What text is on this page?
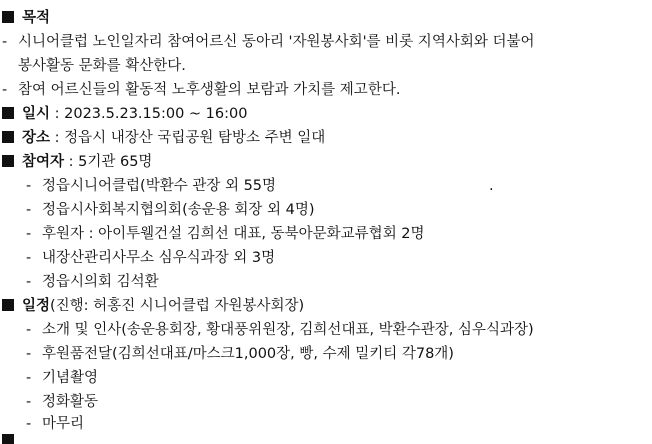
목적
- 시니어클럽 노인일자리 참여어르신 동아리 '자원봉사회'를 비롯 지역사회와 더불어
봉사활동 문화를 확산한다.
- 참여 어르신들의 활동적 노후생활의 보람과 가치를 제고한다.
일시 : 2023.5.23.15:00 ~ 16:00
장소 : 정읍시 내장산 국립공원 탐방소 주변 일대
참여자 : 5기관 65명
- 정읍시니어클럽(박환수 관장 외 55명	.
- 정읍시사회복지협의회(송운용 회장 외 4명)
- 후원자 : 아이투웰건설 김희선 대표, 동북아문화교류협회 2명
- 내장산관리사무소 심우식과장 외 3명
- 정읍시의회 김석환
일정(진행: 허홍진 시니어클럽 자원봉사회장)
- 소개 및 인사(송운용회장, 황대풍위원장, 김희선대표, 박환수관장, 심우식과장)
- 후원품전달(김희선대표/마스크1,000장, 빵, 수제 밀키티 각78개)
- 기념촬영
- 정화활동
- 마무리
